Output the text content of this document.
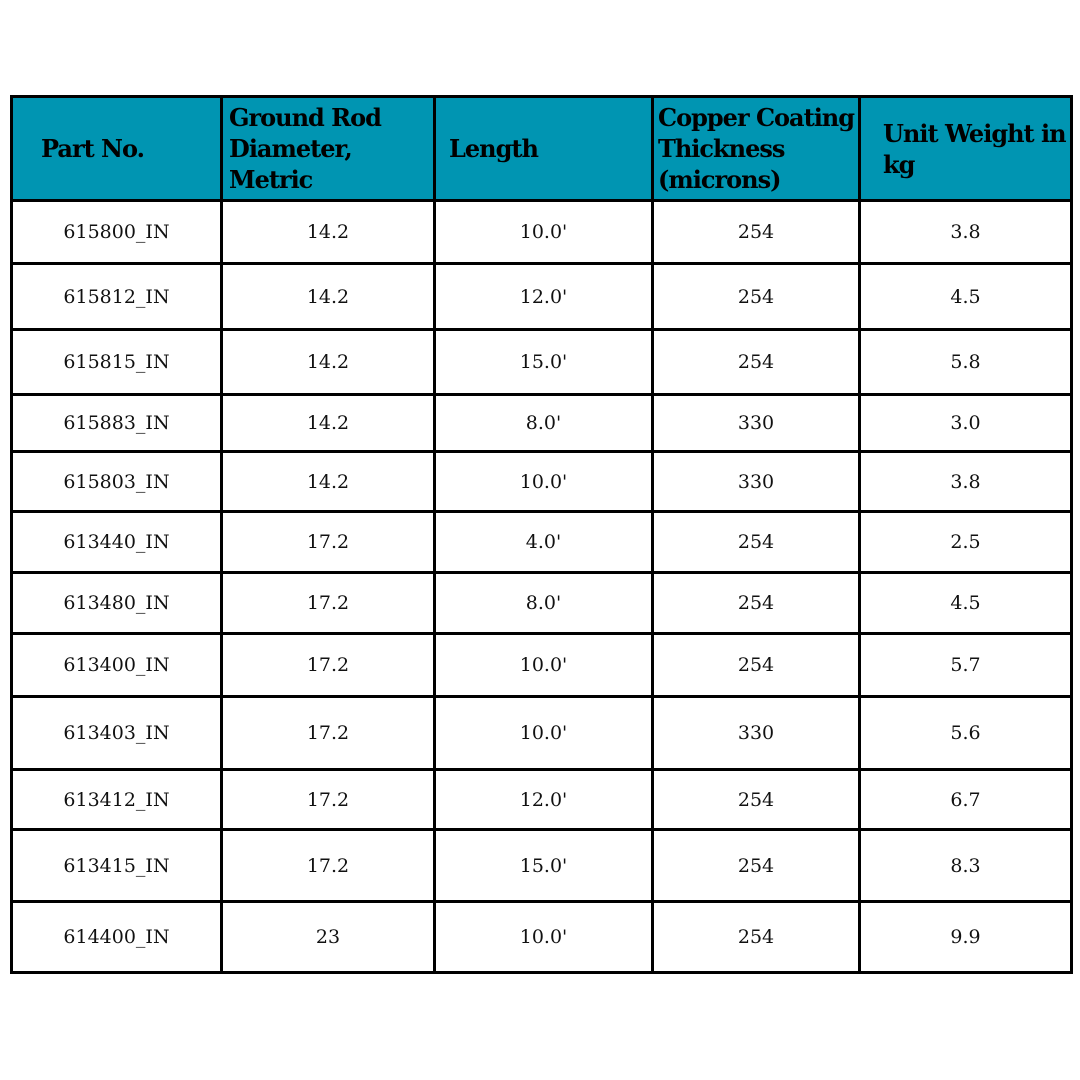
Part No.	Ground Rod Diameter, Metric	Length	Copper Coating Thickness (microns)	Unit Weight in kg
615800_IN	14.2	10.0'	254	3.8
615812_IN	14.2	12.0'	254	4.5
615815_IN	14.2	15.0'	254	5.8
615883_IN	14.2	8.0'	330	3.0
615803_IN	14.2	10.0'	330	3.8
613440_IN	17.2	4.0'	254	2.5
613480_IN	17.2	8.0'	254	4.5
613400_IN	17.2	10.0'	254	5.7
613403_IN	17.2	10.0'	330	5.6
613412_IN	17.2	12.0'	254	6.7
613415_IN	17.2	15.0'	254	8.3
614400_IN	23	10.0'	254	9.9
